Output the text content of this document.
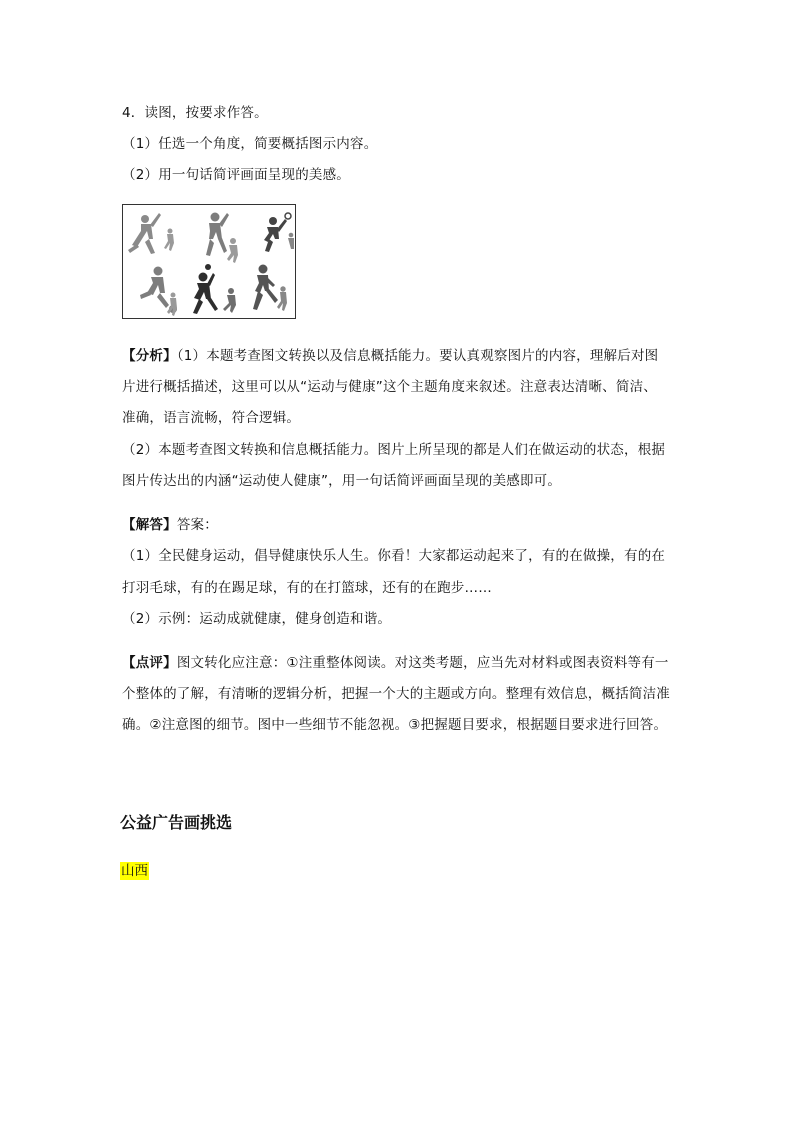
4．读图，按要求作答。
（1）任选一个角度，简要概括图示内容。
（2）用一句话简评画面呈现的美感。
【分析】（1）本题考查图文转换以及信息概括能力。要认真观察图片的内容，理解后对图
片进行概括描述，这里可以从“运动与健康”这个主题角度来叙述。注意表达清晰、简洁、
准确，语言流畅，符合逻辑。
（2）本题考查图文转换和信息概括能力。图片上所呈现的都是人们在做运动的状态，根据
图片传达出的内涵“运动使人健康”，用一句话简评画面呈现的美感即可。
【解答】答案：
（1）全民健身运动，倡导健康快乐人生。你看！大家都运动起来了，有的在做操，有的在
打羽毛球，有的在踢足球，有的在打篮球，还有的在跑步……
（2）示例：运动成就健康，健身创造和谐。
【点评】图文转化应注意：①注重整体阅读。对这类考题，应当先对材料或图表资料等有一
个整体的了解，有清晰的逻辑分析，把握一个大的主题或方向。整理有效信息，概括简洁准
确。②注意图的细节。图中一些细节不能忽视。③把握题目要求，根据题目要求进行回答。
公益广告画挑选
山西
